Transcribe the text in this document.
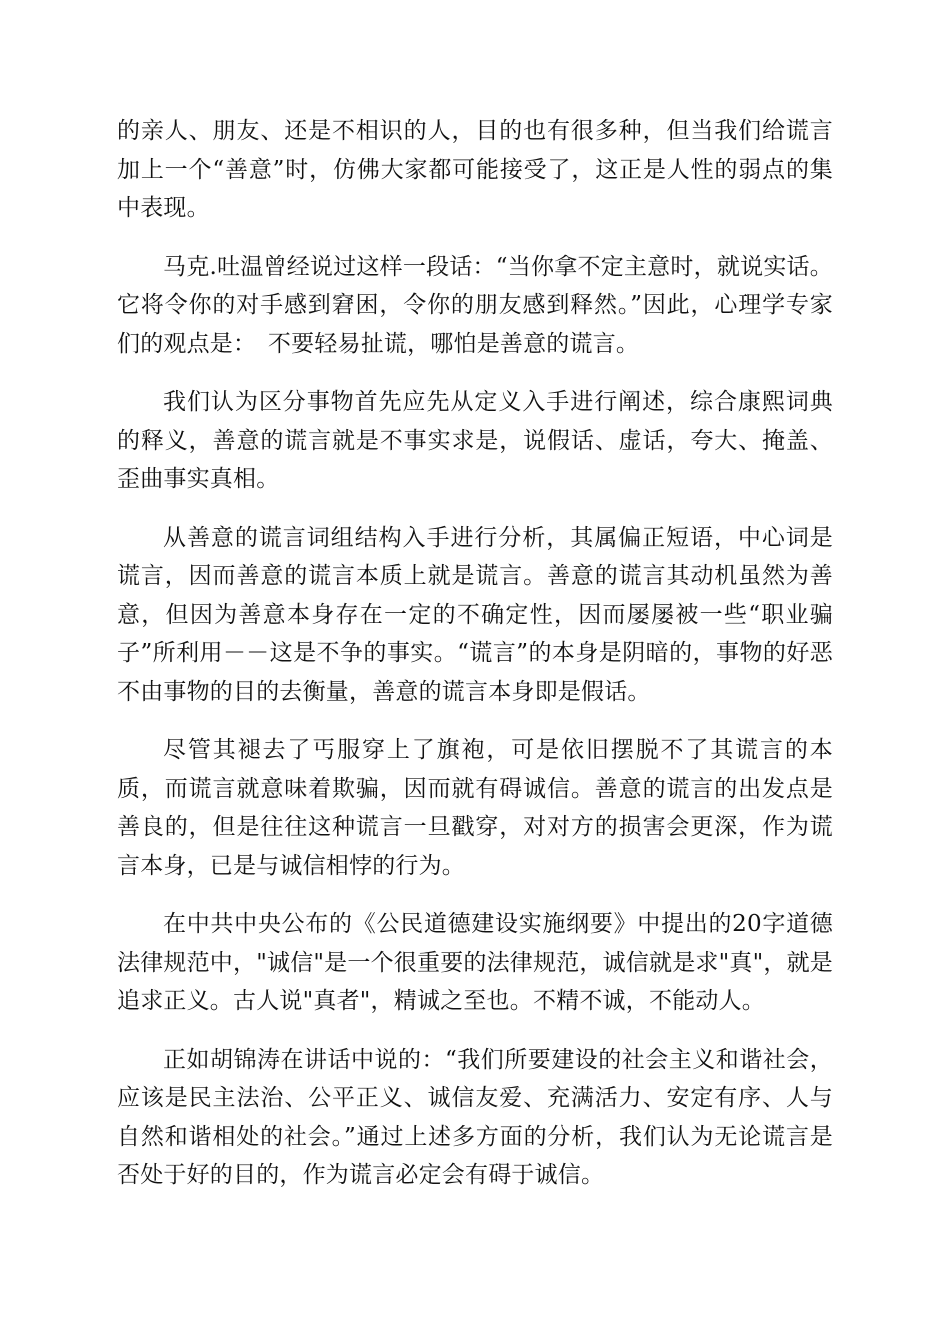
的亲人、朋友、还是不相识的人，目的也有很多种，但当我们给谎言加上一个“善意”时，仿佛大家都可能接受了，这正是人性的弱点的集中表现。

马克.吐温曾经说过这样一段话：“当你拿不定主意时，就说实话。它将令你的对手感到窘困，令你的朋友感到释然。”因此，心理学专家们的观点是：　不要轻易扯谎，哪怕是善意的谎言。

我们认为区分事物首先应先从定义入手进行阐述，综合康熙词典的释义，善意的谎言就是不事实求是，说假话、虚话，夸大、掩盖、歪曲事实真相。

从善意的谎言词组结构入手进行分析，其属偏正短语，中心词是谎言，因而善意的谎言本质上就是谎言。善意的谎言其动机虽然为善意，但因为善意本身存在一定的不确定性，因而屡屡被一些“职业骗子”所利用－－这是不争的事实。“谎言”的本身是阴暗的，事物的好恶不由事物的目的去衡量，善意的谎言本身即是假话。

尽管其褪去了丐服穿上了旗袍，可是依旧摆脱不了其谎言的本质，而谎言就意味着欺骗，因而就有碍诚信。善意的谎言的出发点是善良的，但是往往这种谎言一旦戳穿，对对方的损害会更深，作为谎言本身，已是与诚信相悖的行为。

在中共中央公布的《公民道德建设实施纲要》中提出的20字道德法律规范中，"诚信"是一个很重要的法律规范，诚信就是求"真"，就是追求正义。古人说"真者"，精诚之至也。不精不诚，不能动人。

正如胡锦涛在讲话中说的：“我们所要建设的社会主义和谐社会，应该是民主法治、公平正义、诚信友爱、充满活力、安定有序、人与自然和谐相处的社会。”通过上述多方面的分析，我们认为无论谎言是否处于好的目的，作为谎言必定会有碍于诚信。
